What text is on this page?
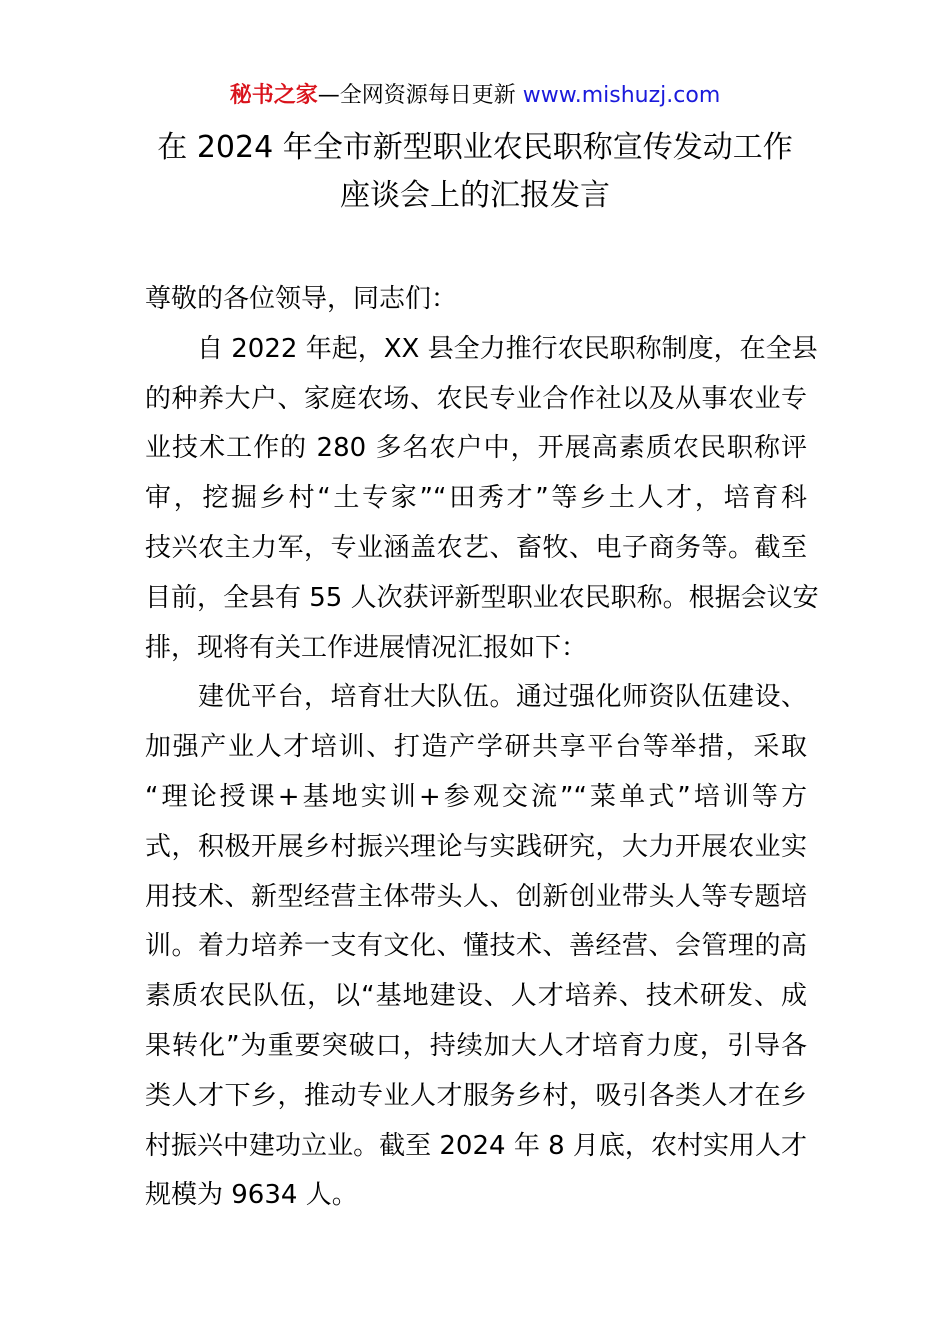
秘书之家—全网资源每日更新 www.mishuzj.com
在 2024 年全市新型职业农民职称宣传发动工作
座谈会上的汇报发言

尊敬的各位领导，同志们：

　　自 2022 年起，XX 县全力推行农民职称制度，在全县
的种养大户、家庭农场、农民专业合作社以及从事农业专
业技术工作的 280 多名农户中，开展高素质农民职称评
审，挖掘乡村“土专家”“田秀才”等乡土人才，培育科
技兴农主力军，专业涵盖农艺、畜牧、电子商务等。截至
目前，全县有 55 人次获评新型职业农民职称。根据会议安
排，现将有关工作进展情况汇报如下：
　　建优平台，培育壮大队伍。通过强化师资队伍建设、
加强产业人才培训、打造产学研共享平台等举措，采取
“理论授课+基地实训+参观交流”“菜单式”培训等方
式，积极开展乡村振兴理论与实践研究，大力开展农业实
用技术、新型经营主体带头人、创新创业带头人等专题培
训。着力培养一支有文化、懂技术、善经营、会管理的高
素质农民队伍，以“基地建设、人才培养、技术研发、成
果转化”为重要突破口，持续加大人才培育力度，引导各
类人才下乡，推动专业人才服务乡村，吸引各类人才在乡
村振兴中建功立业。截至 2024 年 8 月底，农村实用人才
规模为 9634 人。
